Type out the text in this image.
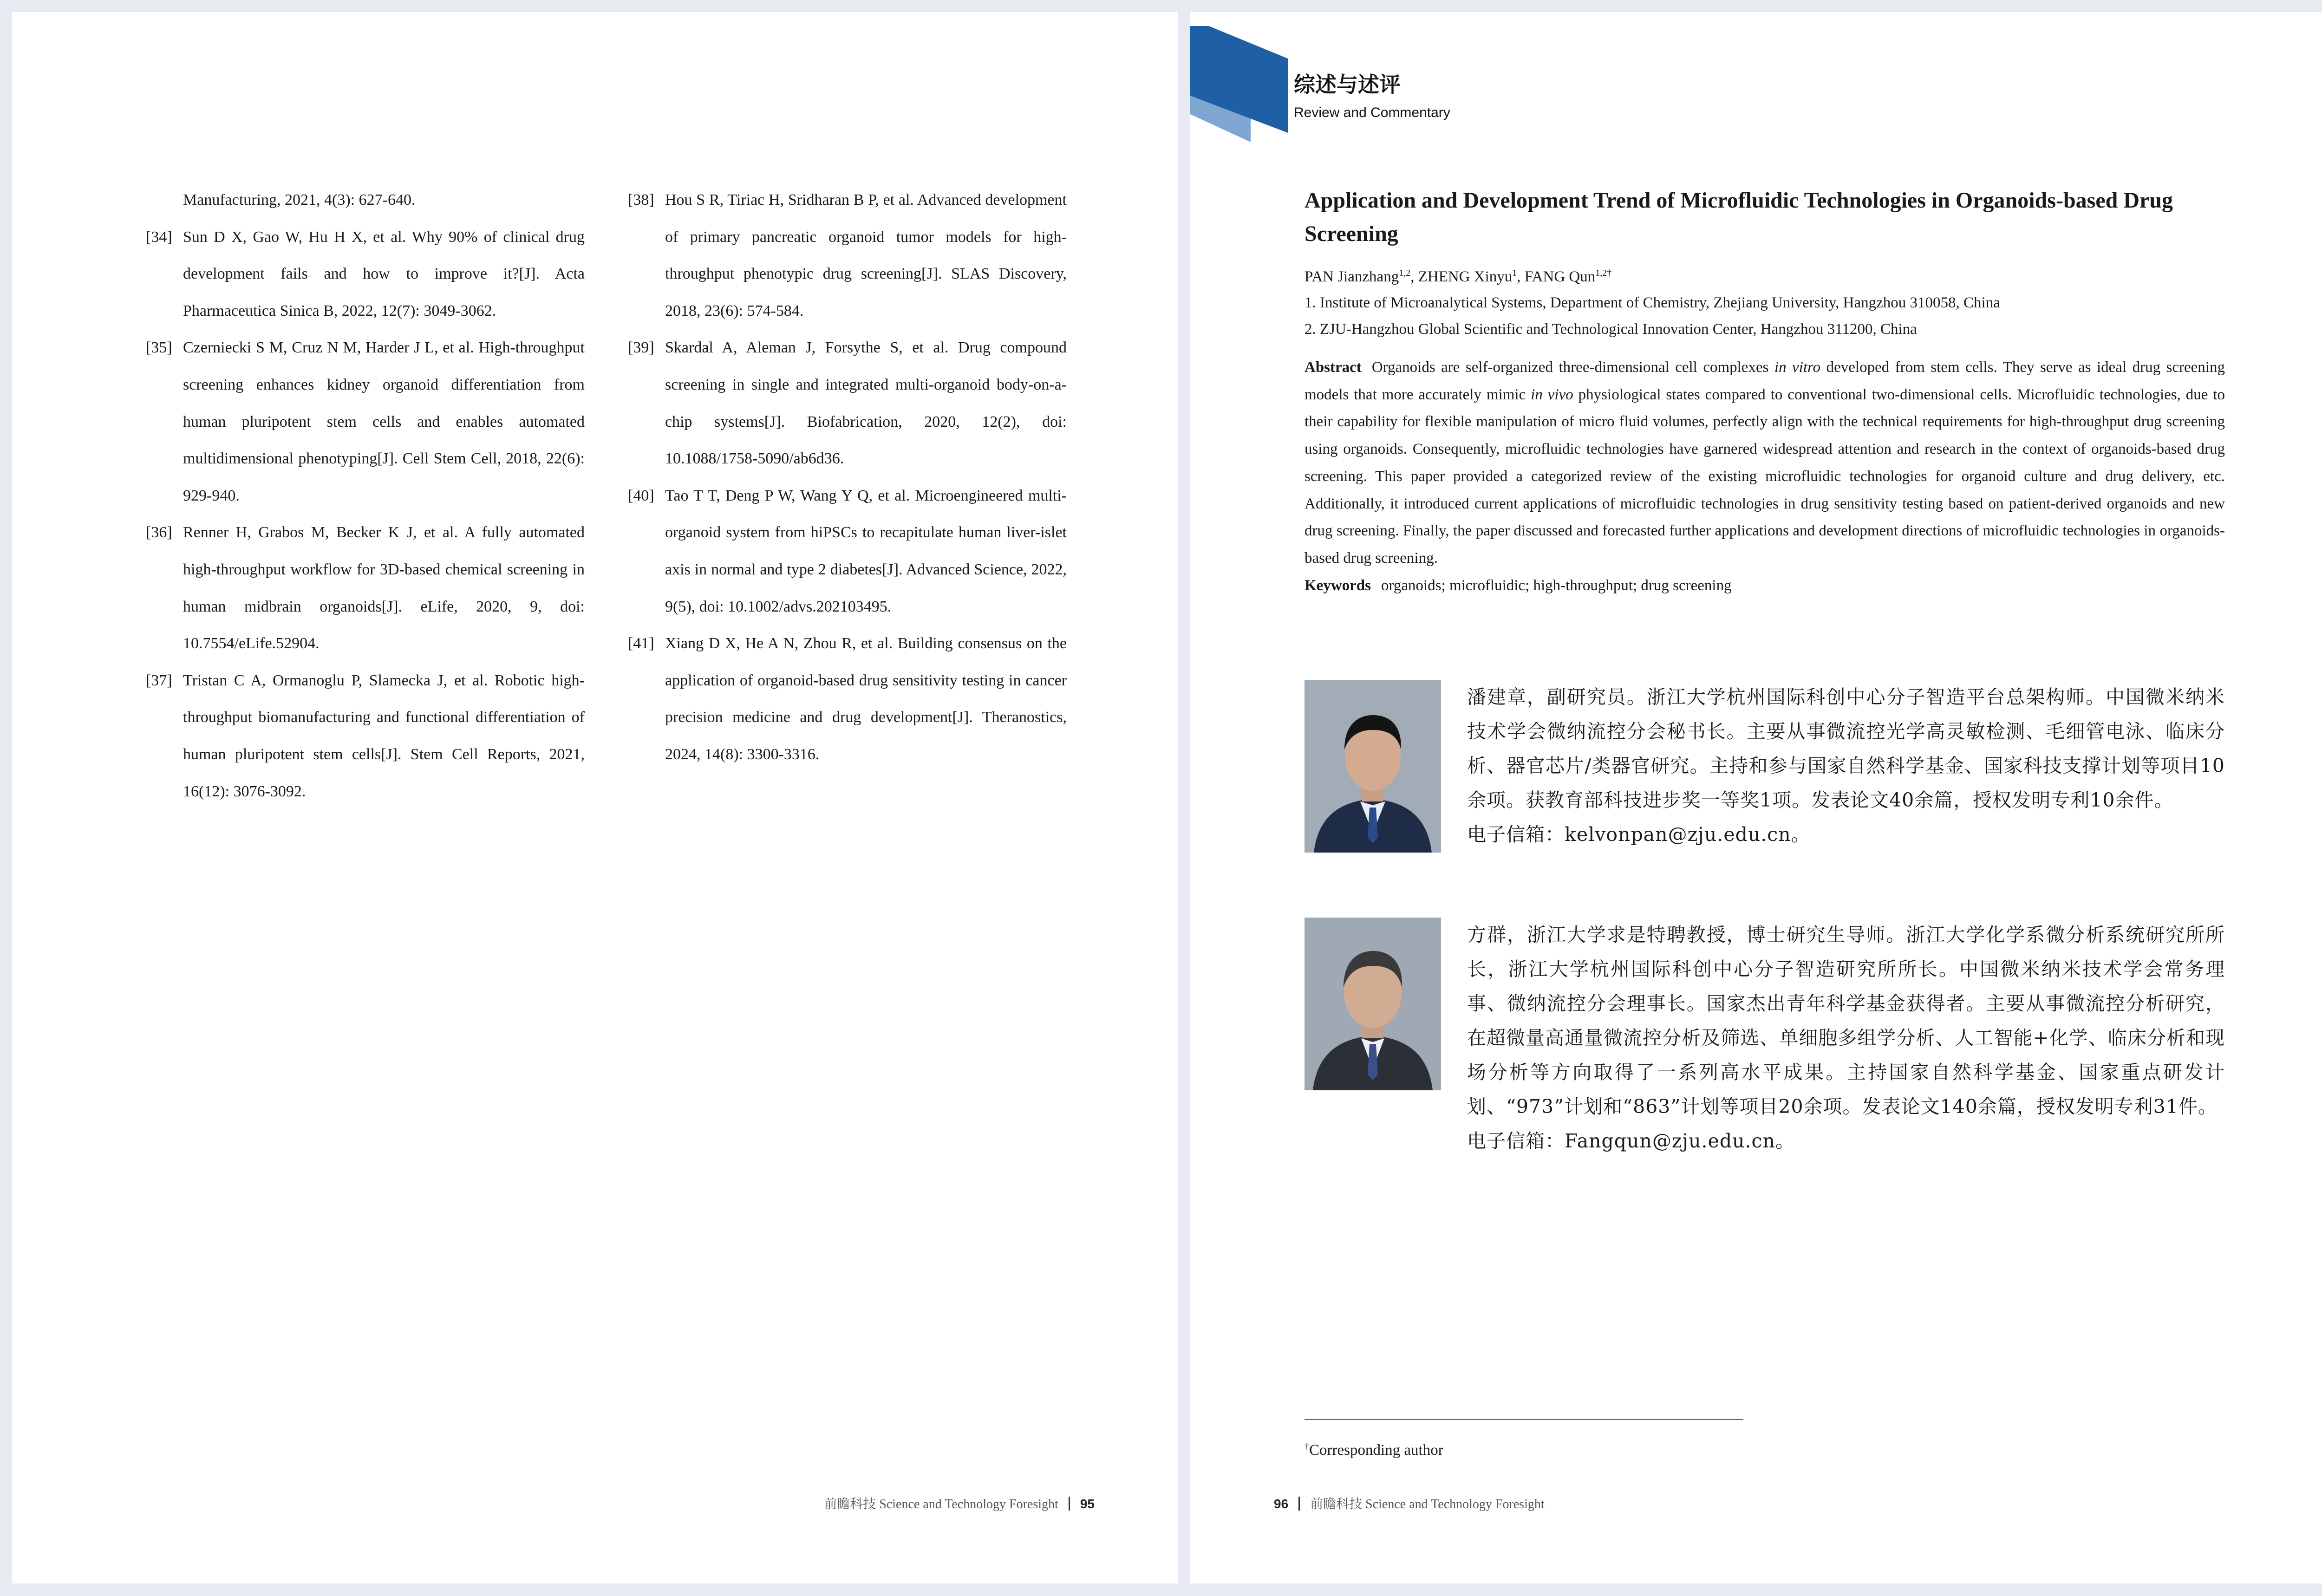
Manufacturing, 2021, 4(3): 627-640.
[34] Sun D X, Gao W, Hu H X, et al. Why 90% of clinical drug development fails and how to improve it?[J]. Acta Pharmaceutica Sinica B, 2022, 12(7): 3049-3062.
[35] Czerniecki S M, Cruz N M, Harder J L, et al. High-throughput screening enhances kidney organoid differentiation from human pluripotent stem cells and enables automated multidimensional phenotyping[J]. Cell Stem Cell, 2018, 22(6): 929-940.
[36] Renner H, Grabos M, Becker K J, et al. A fully automated high-throughput workflow for 3D-based chemical screening in human midbrain organoids[J]. eLife, 2020, 9, doi: 10.7554/eLife.52904.
[37] Tristan C A, Ormanoglu P, Slamecka J, et al. Robotic high-throughput biomanufacturing and functional differentiation of human pluripotent stem cells[J]. Stem Cell Reports, 2021, 16(12): 3076-3092.
[38] Hou S R, Tiriac H, Sridharan B P, et al. Advanced development of primary pancreatic organoid tumor models for high-throughput phenotypic drug screening[J]. SLAS Discovery, 2018, 23(6): 574-584.
[39] Skardal A, Aleman J, Forsythe S, et al. Drug compound screening in single and integrated multi-organoid body-on-a-chip systems[J]. Biofabrication, 2020, 12(2), doi: 10.1088/1758-5090/ab6d36.
[40] Tao T T, Deng P W, Wang Y Q, et al. Microengineered multi-organoid system from hiPSCs to recapitulate human liver-islet axis in normal and type 2 diabetes[J]. Advanced Science, 2022, 9(5), doi: 10.1002/advs.202103495.
[41] Xiang D X, He A N, Zhou R, et al. Building consensus on the application of organoid-based drug sensitivity testing in cancer precision medicine and drug development[J]. Theranostics, 2024, 14(8): 3300-3316.
前瞻科技 Science and Technology Foresight 95
综述与述评
Review and Commentary
Application and Development Trend of Microfluidic Technologies in Organoids-based Drug Screening
PAN Jianzhang$^{1,2}$, ZHENG Xinyu$^1$, FANG Qun$^{1,2\dagger}$
1. Institute of Microanalytical Systems, Department of Chemistry, Zhejiang University, Hangzhou 310058, China
2. ZJU-Hangzhou Global Scientific and Technological Innovation Center, Hangzhou 311200, China
Abstract Organoids are self-organized three-dimensional cell complexes in vitro developed from stem cells. They serve as ideal drug screening models that more accurately mimic in vivo physiological states compared to conventional two-dimensional cells. Microfluidic technologies, due to their capability for flexible manipulation of micro fluid volumes, perfectly align with the technical requirements for high-throughput drug screening using organoids. Consequently, microfluidic technologies have garnered widespread attention and research in the context of organoids-based drug screening. This paper provided a categorized review of the existing microfluidic technologies for organoid culture and drug delivery, etc. Additionally, it introduced current applications of microfluidic technologies in drug sensitivity testing based on patient-derived organoids and new drug screening. Finally, the paper discussed and forecasted further applications and development directions of microfluidic technologies in organoids-based drug screening.
Keywords organoids; microfluidic; high-throughput; drug screening
潘建章，副研究员。浙江大学杭州国际科创中心分子智造平台总架构师。中国微米纳米技术学会微纳流控分会秘书长。主要从事微流控光学高灵敏检测、毛细管电泳、临床分析、器官芯片/类器官研究。主持和参与国家自然科学基金、国家科技支撑计划等项目10余项。获教育部科技进步奖一等奖1项。发表论文40余篇，授权发明专利10余件。
电子信箱：kelvonpan@zju.edu.cn。
方群，浙江大学求是特聘教授，博士研究生导师。浙江大学化学系微分析系统研究所所长，浙江大学杭州国际科创中心分子智造研究所所长。中国微米纳米技术学会常务理事、微纳流控分会理事长。国家杰出青年科学基金获得者。主要从事微流控分析研究，在超微量高通量微流控分析及筛选、单细胞多组学分析、人工智能+化学、临床分析和现场分析等方向取得了一系列高水平成果。主持国家自然科学基金、国家重点研发计划、“973”计划和“863”计划等项目20余项。发表论文140余篇，授权发明专利31件。
电子信箱：Fangqun@zju.edu.cn。
†Corresponding author
96 前瞻科技 Science and Technology Foresight
